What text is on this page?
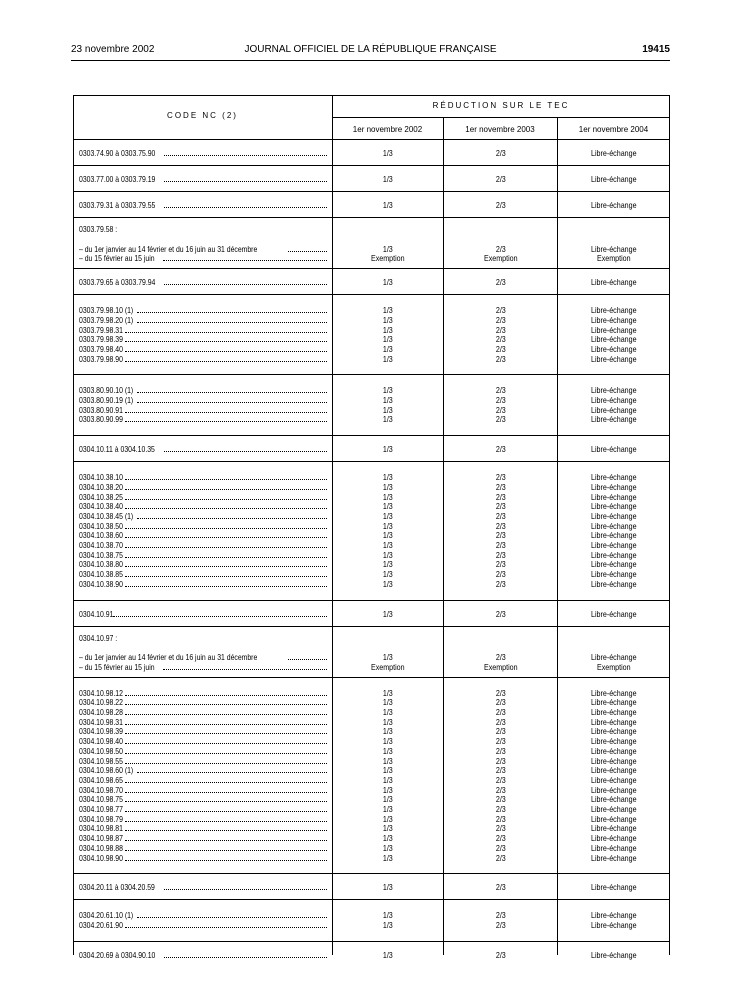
23 novembre 2002	JOURNAL OFFICIEL DE LA RÉPUBLIQUE FRANÇAISE	19415
CODE NC (2)
RÉDUCTION SUR LE TEC
1er novembre 2002	1er novembre 2003	1er novembre 2004
0303.74.90 à 0303.75.90	1/3	2/3	Libre-échange
0303.77.00 à 0303.79.19	1/3	2/3	Libre-échange
0303.79.31 à 0303.79.55	1/3	2/3	Libre-échange
0303.79.58 :
– du 1er janvier au 14 février et du 16 juin au 31 décembre	1/3	2/3	Libre-échange
– du 15 février au 15 juin	Exemption	Exemption	Exemption
0303.79.65 à 0303.79.94	1/3	2/3	Libre-échange
0303.79.98.10 (1)	1/3	2/3	Libre-échange
0303.79.98.20 (1)	1/3	2/3	Libre-échange
0303.79.98.31	1/3	2/3	Libre-échange
0303.79.98.39	1/3	2/3	Libre-échange
0303.79.98.40	1/3	2/3	Libre-échange
0303.79.98.90	1/3	2/3	Libre-échange
0303.80.90.10 (1)	1/3	2/3	Libre-échange
0303.80.90.19 (1)	1/3	2/3	Libre-échange
0303.80.90.91	1/3	2/3	Libre-échange
0303.80.90.99	1/3	2/3	Libre-échange
0304.10.11 à 0304.10.35	1/3	2/3	Libre-échange
0304.10.38.10	1/3	2/3	Libre-échange
0304.10.38.20	1/3	2/3	Libre-échange
0304.10.38.25	1/3	2/3	Libre-échange
0304.10.38.40	1/3	2/3	Libre-échange
0304.10.38.45 (1)	1/3	2/3	Libre-échange
0304.10.38.50	1/3	2/3	Libre-échange
0304.10.38.60	1/3	2/3	Libre-échange
0304.10.38.70	1/3	2/3	Libre-échange
0304.10.38.75	1/3	2/3	Libre-échange
0304.10.38.80	1/3	2/3	Libre-échange
0304.10.38.85	1/3	2/3	Libre-échange
0304.10.38.90	1/3	2/3	Libre-échange
0304.10.91	1/3	2/3	Libre-échange
0304.10.97 :
– du 1er janvier au 14 février et du 16 juin au 31 décembre	1/3	2/3	Libre-échange
– du 15 février au 15 juin	Exemption	Exemption	Exemption
0304.10.98.12	1/3	2/3	Libre-échange
0304.10.98.22	1/3	2/3	Libre-échange
0304.10.98.28	1/3	2/3	Libre-échange
0304.10.98.31	1/3	2/3	Libre-échange
0304.10.98.39	1/3	2/3	Libre-échange
0304.10.98.40	1/3	2/3	Libre-échange
0304.10.98.50	1/3	2/3	Libre-échange
0304.10.98.55	1/3	2/3	Libre-échange
0304.10.98.60 (1)	1/3	2/3	Libre-échange
0304.10.98.65	1/3	2/3	Libre-échange
0304.10.98.70	1/3	2/3	Libre-échange
0304.10.98.75	1/3	2/3	Libre-échange
0304.10.98.77	1/3	2/3	Libre-échange
0304.10.98.79	1/3	2/3	Libre-échange
0304.10.98.81	1/3	2/3	Libre-échange
0304.10.98.87	1/3	2/3	Libre-échange
0304.10.98.88	1/3	2/3	Libre-échange
0304.10.98.90	1/3	2/3	Libre-échange
0304.20.11 à 0304.20.59	1/3	2/3	Libre-échange
0304.20.61.10 (1)	1/3	2/3	Libre-échange
0304.20.61.90	1/3	2/3	Libre-échange
0304.20.69 à 0304.90.10	1/3	2/3	Libre-échange
